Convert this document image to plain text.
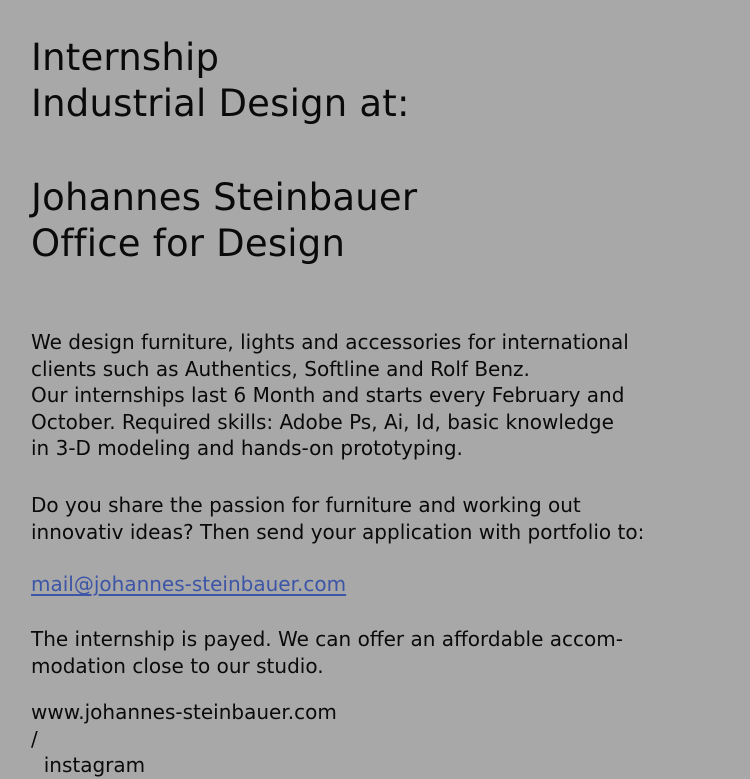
Internship
Industrial Design at:
Johannes Steinbauer
Office for Design

We design furniture, lights and accessories for international
clients such as Authentics, Softline and Rolf Benz.
Our internships last 6 Month and starts every February and
October. Required skills: Adobe Ps, Ai, Id, basic knowledge
in 3-D modeling and hands-on prototyping.

Do you share the passion for furniture and working out
innovativ ideas? Then send your application with portfolio to:

mail@johannes-steinbauer.com

The internship is payed. We can offer an affordable accom-
modation close to our studio.

www.johannes-steinbauer.com
/
instagram
